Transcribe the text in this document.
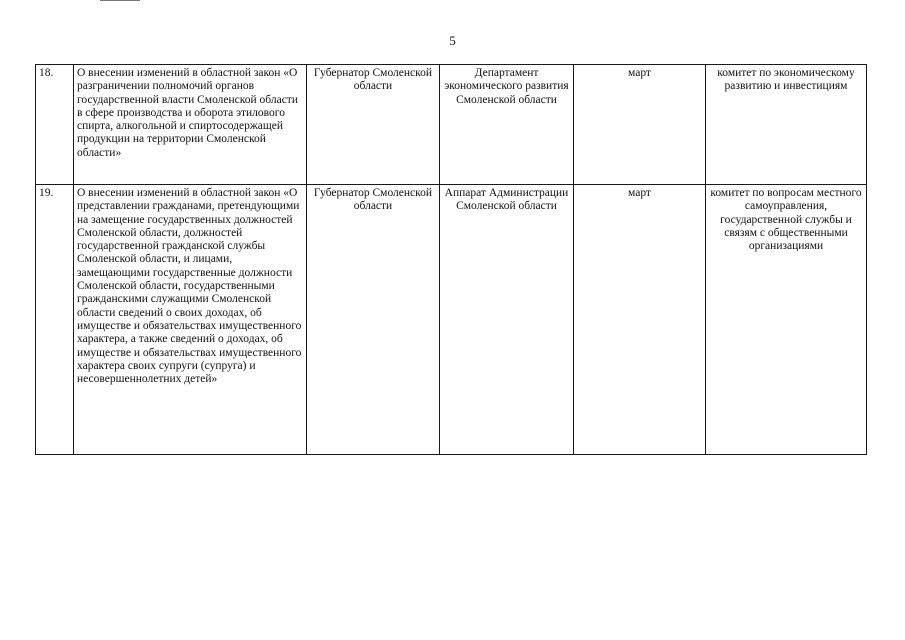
5
18.	О внесении изменений в областной закон «О разграничении полномочий органов государственной власти Смоленской области в сфере производства и оборота этилового спирта, алкогольной и спиртосодержащей продукции на территории Смоленской области»	Губернатор Смоленской области	Департамент экономического развития Смоленской области	март	комитет по экономическому развитию и инвестициям
19.	О внесении изменений в областной закон «О представлении гражданами, претендующими на замещение государственных должностей Смоленской области, должностей государственной гражданской службы Смоленской области, и лицами, замещающими государственные должности Смоленской области, государственными гражданскими служащими Смоленской области сведений о своих доходах, об имуществе и обязательствах имущественного характера, а также сведений о доходах, об имуществе и обязательствах имущественного характера своих супруги (супруга) и несовершеннолетних детей»	Губернатор Смоленской области	Аппарат Администрации Смоленской области	март	комитет по вопросам местного самоуправления, государственной службы и связям с общественными организациями
